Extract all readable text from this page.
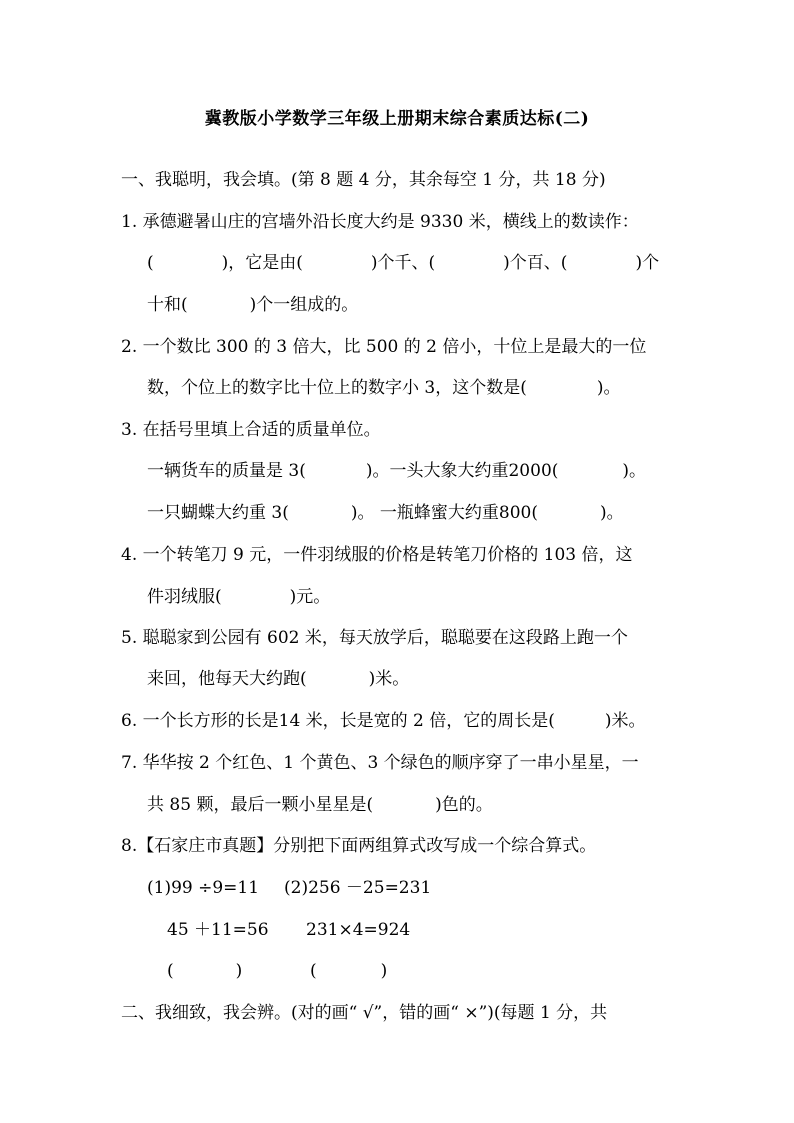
冀教版小学数学三年级上册期末综合素质达标(二)
一、我聪明，我会填。(第 8 题 4 分，其余每空 1 分，共 18 分)
1. 承德避暑山庄的宫墙外沿长度大约是 9330 米，横线上的数读作：
(	)，它是由(	)个千、(	)个百、(	)个
十和(	)个一组成的。
2. 一个数比 300 的 3 倍大，比 500 的 2 倍小，十位上是最大的一位
数，个位上的数字比十位上的数字小 3，这个数是(	)。
3. 在括号里填上合适的质量单位。
一辆货车的质量是 3(	)。一头大象大约重2000(	)。
一只蝴蝶大约重 3(	)。 一瓶蜂蜜大约重800(	)。
4. 一个转笔刀 9 元，一件羽绒服的价格是转笔刀价格的 103 倍，这
件羽绒服(	)元。
5. 聪聪家到公园有 602 米，每天放学后，聪聪要在这段路上跑一个
来回，他每天大约跑(	)米。
6. 一个长方形的长是14 米，长是宽的 2 倍，它的周长是(	)米。
7. 华华按 2 个红色、1 个黄色、3 个绿色的顺序穿了一串小星星，一
共 85 颗，最后一颗小星星是(	)色的。
8.【石家庄市真题】分别把下面两组算式改写成一个综合算式。
(1)99 ÷9=11 (2)256 －25=231
45 ＋11=56 231×4=924
(	)	(	)
二、我细致，我会辨。(对的画“ √”，错的画“ ×”)(每题 1 分，共
